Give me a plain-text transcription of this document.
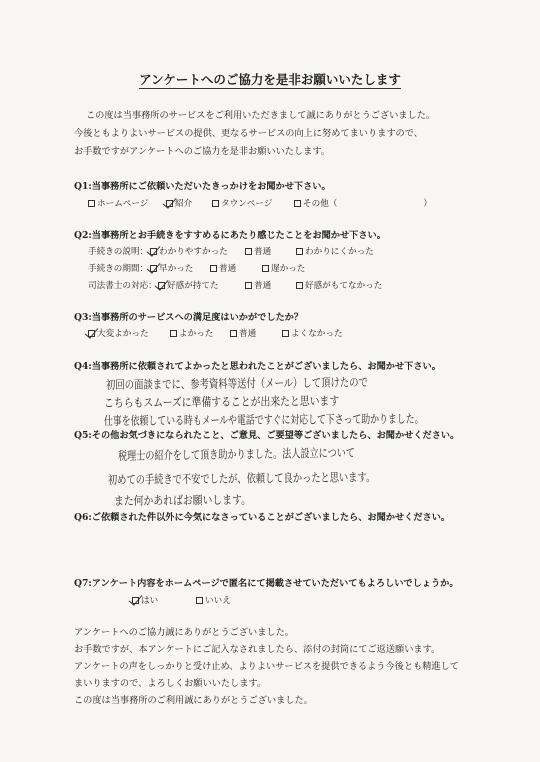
アンケートへのご協力を是非お願いいたします
この度は当事務所のサービスをご利用いただきまして誠にありがとうございました。
今後ともよりよいサービスの提供、更なるサービスの向上に努めてまいりますので、
お手数ですがアンケートへのご協力を是非お願いいたします。
Q1:当事務所にご依頼いただいたきっかけをお聞かせ下さい。
ホームページ	紹介	タウンページ	その他（　　　　　　　　　　）
Q2:当事務所とお手続きをすすめるにあたり感じたことをお聞かせ下さい。
手続きの説明：	わかりやすかった	普通	わかりにくかった
手続きの期間：	早かった	普通	遅かった
司法書士の対応：	好感が持てた	普通	好感がもてなかった
Q3:当事務所のサービスへの満足度はいかがでしたか？
大変よかった	よかった	普通	よくなかった
Q4:当事務所に依頼されてよかったと思われたことがございましたら、お聞かせ下さい。
初回の面談までに、参考資料等送付（メール）して頂けたので
こちらもスムーズに準備することが出来たと思います
仕事を依頼している時もメールや電話ですぐに対応して下さって助かりました。
Q5:その他お気づきになられたこと、ご意見、ご要望等ございましたら、お聞かせください。
税理士の紹介をして頂き助かりました。法人設立について
初めての手続きで不安でしたが、依頼して良かったと思います。
また何かあればお願いします。
Q6:ご依頼された件以外に今気になさっていることがございましたら、お聞かせください。
Q7:アンケート内容をホームページで匿名にて掲載させていただいてもよろしいでしょうか。
はい	いいえ
アンケートへのご協力誠にありがとうございました。
お手数ですが、本アンケートにご記入なされましたら、添付の封筒にてご返送願います。
アンケートの声をしっかりと受け止め、よりよいサービスを提供できるよう今後とも精進して
まいりますので、よろしくお願いいたします。
この度は当事務所のご利用誠にありがとうございました。
